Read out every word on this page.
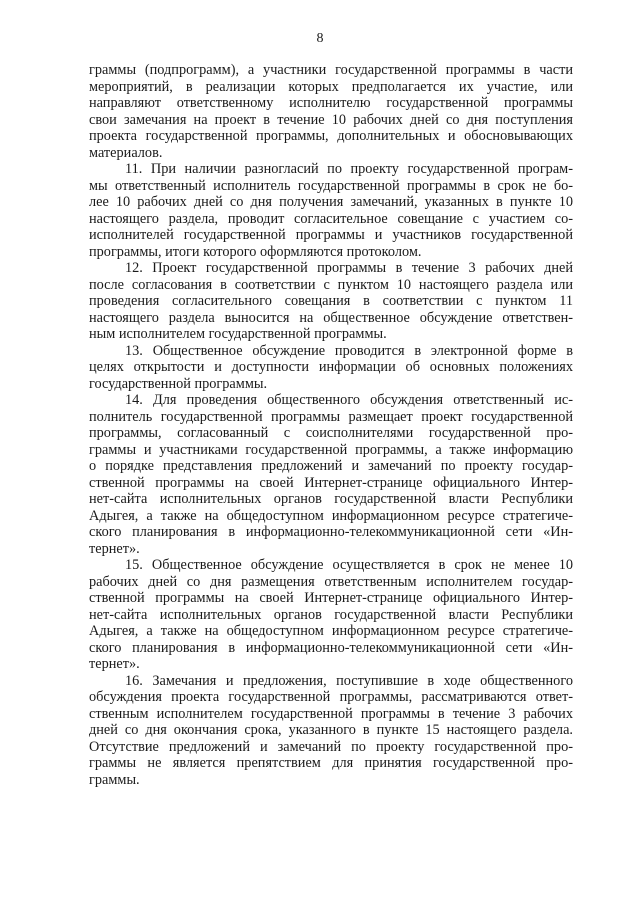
8
граммы (подпрограмм), а участники государственной программы в части
мероприятий, в реализации которых предполагается их участие, или
направляют ответственному исполнителю государственной программы
свои замечания на проект в течение 10 рабочих дней со дня поступления
проекта государственной программы, дополнительных и обосновывающих
материалов.
11. При наличии разногласий по проекту государственной програм-
мы ответственный исполнитель государственной программы в срок не бо-
лее 10 рабочих дней со дня получения замечаний, указанных в пункте 10
настоящего раздела, проводит согласительное совещание с участием со-
исполнителей государственной программы и участников государственной
программы, итоги которого оформляются протоколом.
12. Проект государственной программы в течение 3 рабочих дней
после согласования в соответствии с пунктом 10 настоящего раздела или
проведения согласительного совещания в соответствии с пунктом 11
настоящего раздела выносится на общественное обсуждение ответствен-
ным исполнителем государственной программы.
13. Общественное обсуждение проводится в электронной форме в
целях открытости и доступности информации об основных положениях
государственной программы.
14. Для проведения общественного обсуждения ответственный ис-
полнитель государственной программы размещает проект государственной
программы, согласованный с соисполнителями государственной про-
граммы и участниками государственной программы, а также информацию
о порядке представления предложений и замечаний по проекту государ-
ственной программы на своей Интернет-странице официального Интер-
нет-сайта исполнительных органов государственной власти Республики
Адыгея, а также на общедоступном информационном ресурсе стратегиче-
ского планирования в информационно-телекоммуникационной сети «Ин-
тернет».
15. Общественное обсуждение осуществляется в срок не менее 10
рабочих дней со дня размещения ответственным исполнителем государ-
ственной программы на своей Интернет-странице официального Интер-
нет-сайта исполнительных органов государственной власти Республики
Адыгея, а также на общедоступном информационном ресурсе стратегиче-
ского планирования в информационно-телекоммуникационной сети «Ин-
тернет».
16. Замечания и предложения, поступившие в ходе общественного
обсуждения проекта государственной программы, рассматриваются ответ-
ственным исполнителем государственной программы в течение 3 рабочих
дней со дня окончания срока, указанного в пункте 15 настоящего раздела.
Отсутствие предложений и замечаний по проекту государственной про-
граммы не является препятствием для принятия государственной про-
граммы.
